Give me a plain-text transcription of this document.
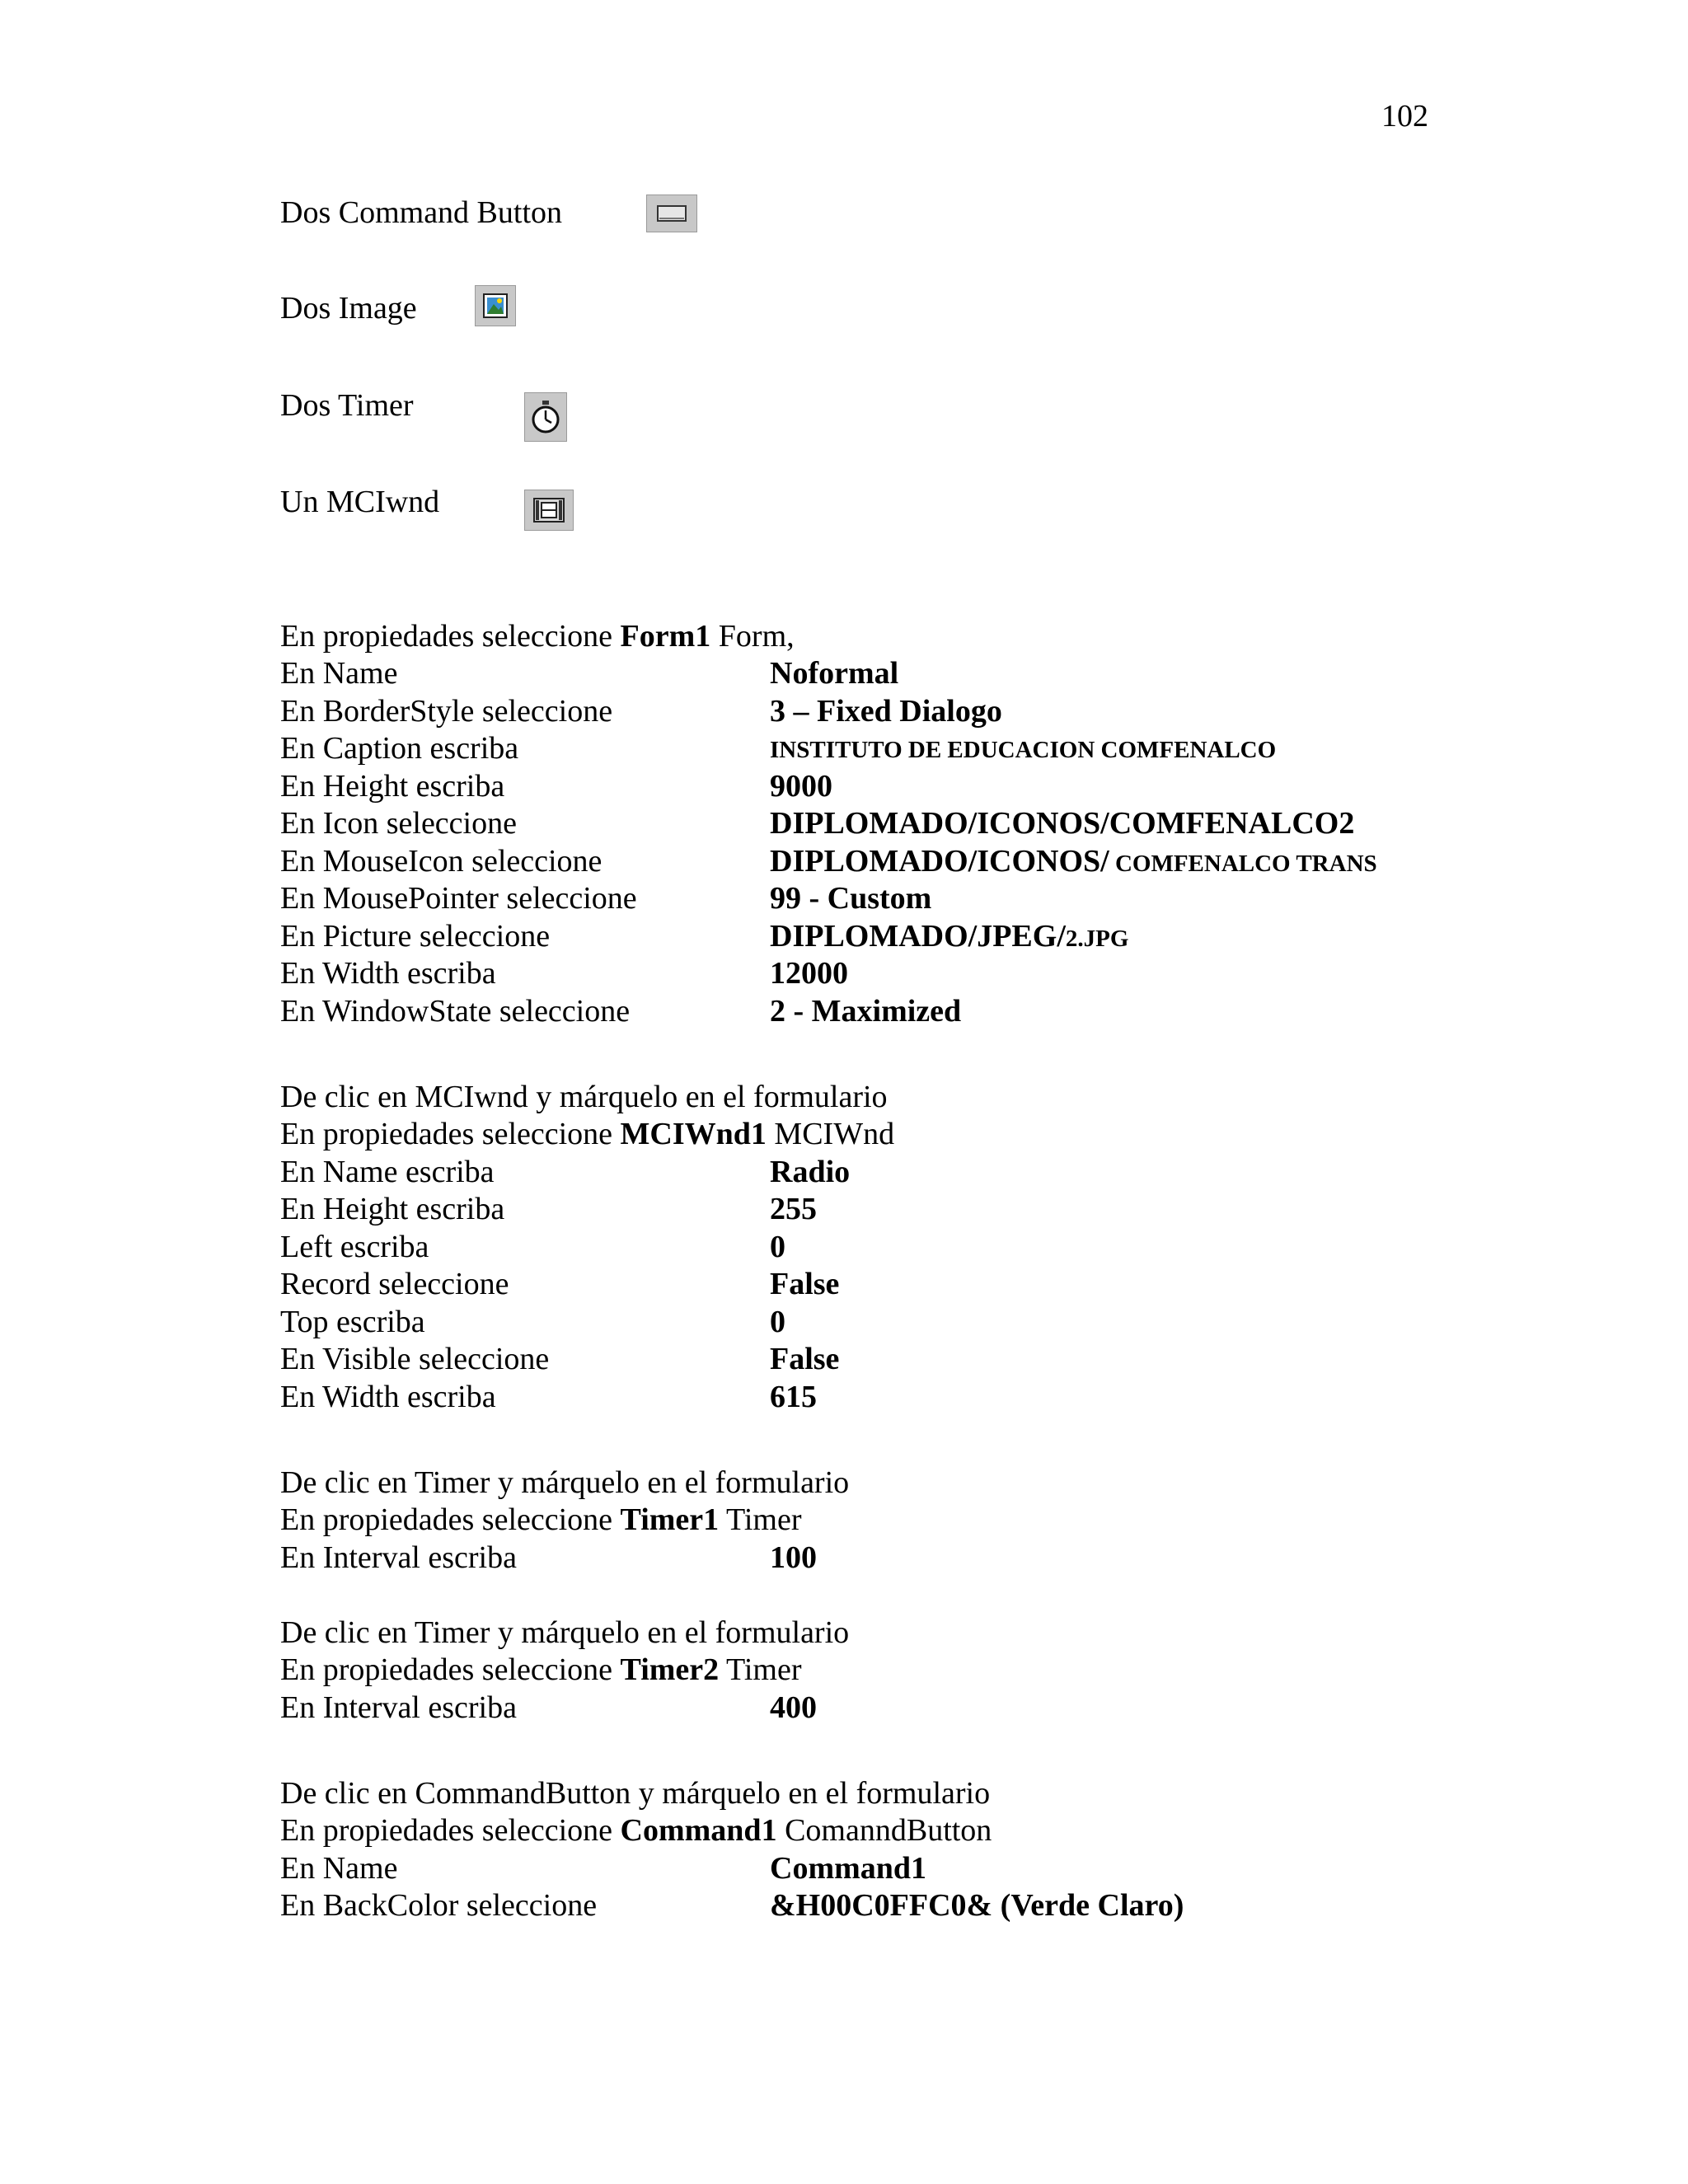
102
Dos Command Button
Dos Image
Dos Timer
Un MCIwnd
En propiedades seleccione Form1 Form,
En Name	Noformal
En BorderStyle seleccione	3 – Fixed Dialogo
En Caption escriba	INSTITUTO DE EDUCACION COMFENALCO
En Height escriba	9000
En Icon seleccione	DIPLOMADO/ICONOS/COMFENALCO2
En MouseIcon seleccione	DIPLOMADO/ICONOS/ COMFENALCO TRANS
En MousePointer seleccione	99 - Custom
En Picture seleccione	DIPLOMADO/JPEG/2.JPG
En Width escriba	12000
En WindowState seleccione	2 - Maximized
De clic en MCIwnd y márquelo en el formulario
En propiedades seleccione MCIWnd1 MCIWnd
En Name escriba	Radio
En Height escriba	255
Left escriba	0
Record seleccione	False
Top escriba	0
En Visible seleccione	False
En Width escriba	615
De clic en Timer y márquelo en el formulario
En propiedades seleccione Timer1 Timer
En Interval escriba	100
De clic en Timer y márquelo en el formulario
En propiedades seleccione Timer2 Timer
En Interval escriba	400
De clic en CommandButton y márquelo en el formulario
En propiedades seleccione Command1 ComanndButton
En Name	Command1
En BackColor seleccione	&H00C0FFC0& (Verde Claro)
